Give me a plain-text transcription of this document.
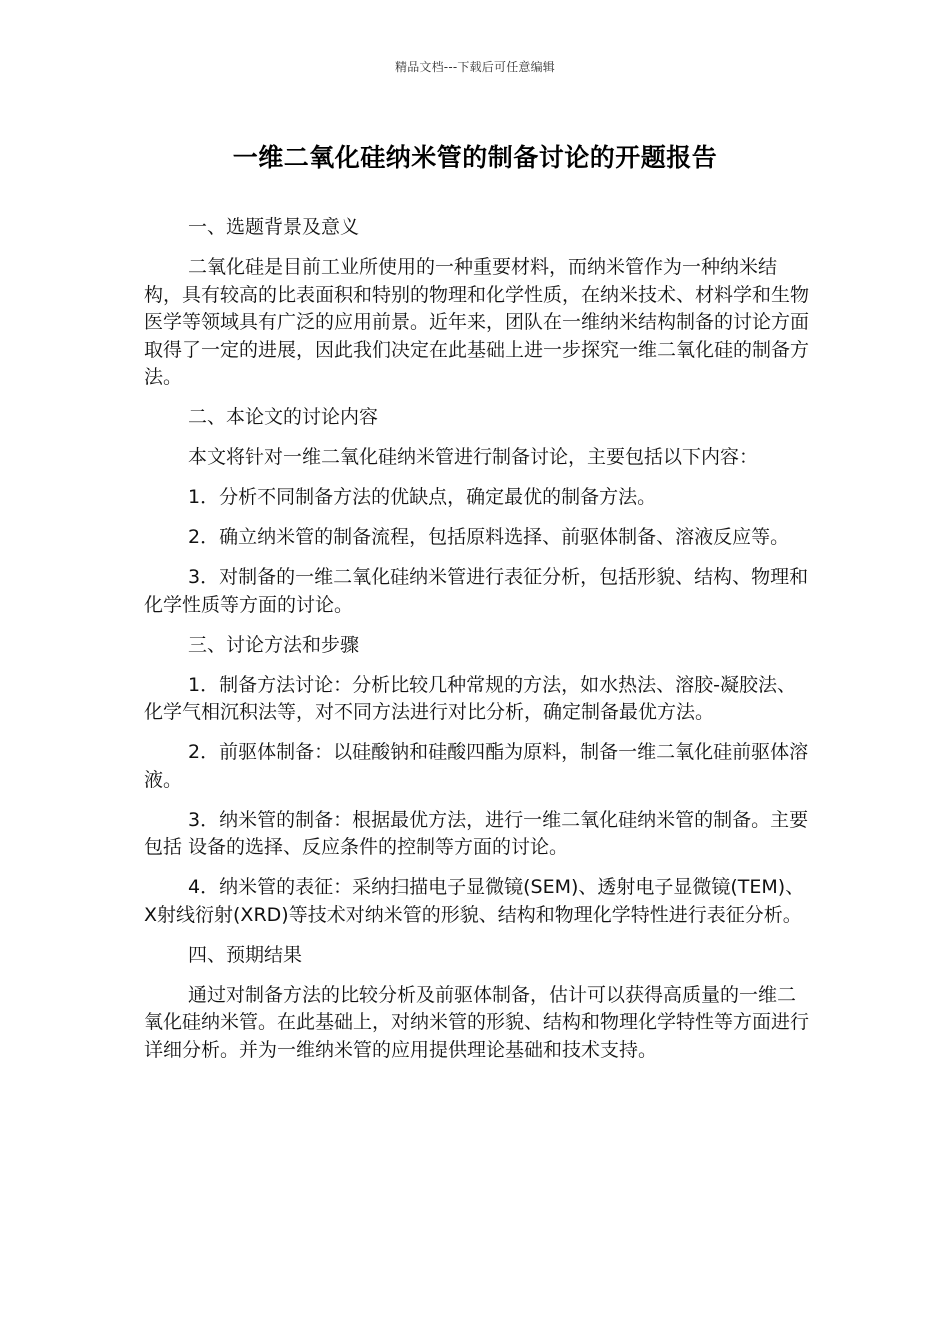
精品文档---下载后可任意编辑
一维二氧化硅纳米管的制备讨论的开题报告

一、选题背景及意义

二氧化硅是目前工业所使用的一种重要材料，而纳米管作为一种纳米结构，具有较高的比表面积和特别的物理和化学性质，在纳米技术、材料学和生物医学等领域具有广泛的应用前景。近年来，团队在一维纳米结构制备的讨论方面取得了一定的进展，因此我们决定在此基础上进一步探究一维二氧化硅的制备方法。

二、本论文的讨论内容

本文将针对一维二氧化硅纳米管进行制备讨论，主要包括以下内容：

1．分析不同制备方法的优缺点，确定最优的制备方法。

2．确立纳米管的制备流程，包括原料选择、前驱体制备、溶液反应等。

3．对制备的一维二氧化硅纳米管进行表征分析，包括形貌、结构、物理和化学性质等方面的讨论。

三、讨论方法和步骤

1．制备方法讨论：分析比较几种常规的方法，如水热法、溶胶-凝胶法、化学气相沉积法等，对不同方法进行对比分析，确定制备最优方法。

2．前驱体制备：以硅酸钠和硅酸四酯为原料，制备一维二氧化硅前驱体溶液。

3．纳米管的制备：根据最优方法，进行一维二氧化硅纳米管的制备。主要包括 设备的选择、反应条件的控制等方面的讨论。

4．纳米管的表征：采纳扫描电子显微镜(SEM)、透射电子显微镜(TEM)、X射线衍射(XRD)等技术对纳米管的形貌、结构和物理化学特性进行表征分析。

四、预期结果

通过对制备方法的比较分析及前驱体制备，估计可以获得高质量的一维二氧化硅纳米管。在此基础上，对纳米管的形貌、结构和物理化学特性等方面进行详细分析。并为一维纳米管的应用提供理论基础和技术支持。
